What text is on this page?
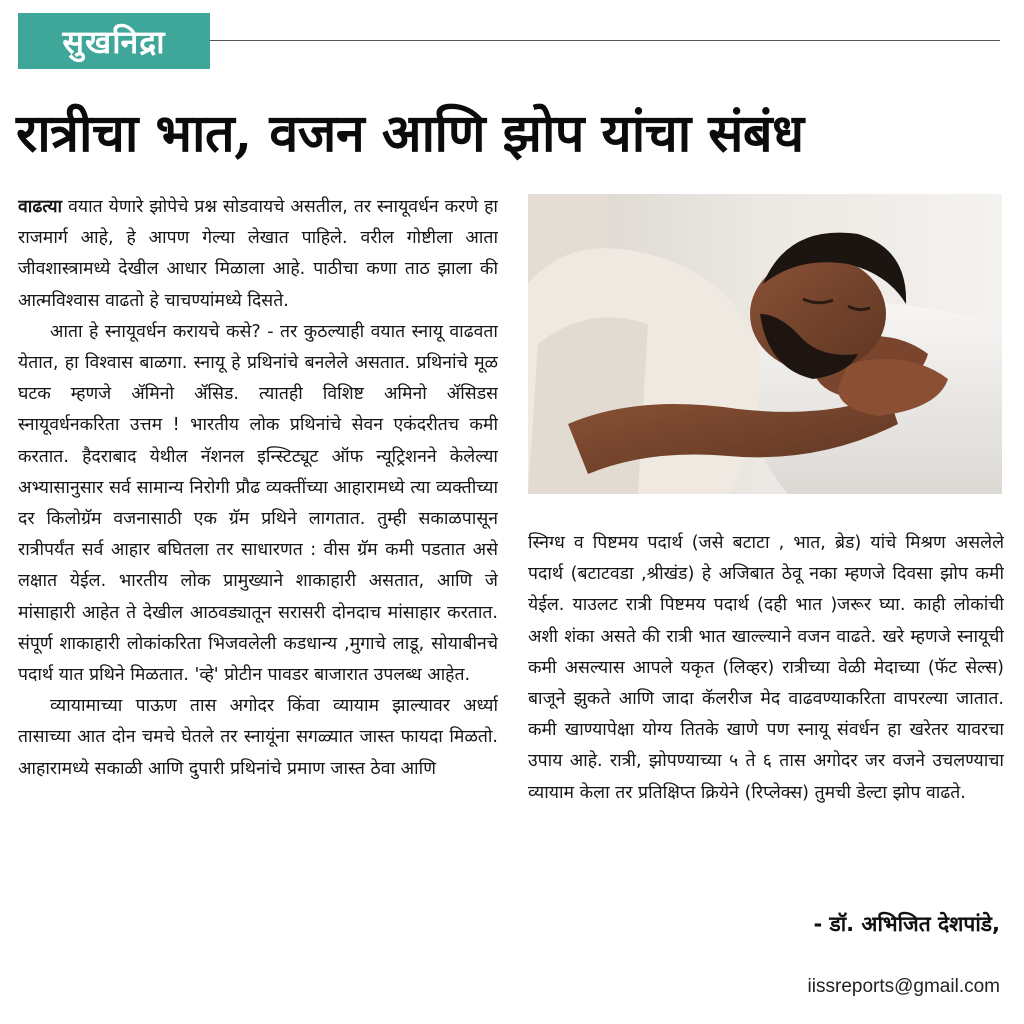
सुखनिद्रा
रात्रीचा भात, वजन आणि झोप यांचा संबंध

वाढत्या वयात येणारे झोपेचे प्रश्न सोडवायचे असतील, तर स्नायूवर्धन करणे हा राजमार्ग आहे, हे आपण गेल्या लेखात पाहिले. वरील गोष्टीला आता जीवशास्त्रामध्ये देखील आधार मिळाला आहे. पाठीचा कणा ताठ झाला की आत्मविश्वास वाढतो हे चाचण्यांमध्ये दिसते.

आता हे स्नायूवर्धन करायचे कसे? - तर कुठल्याही वयात स्नायू वाढवता येतात, हा विश्वास बाळगा. स्नायू हे प्रथिनांचे बनलेले असतात. प्रथिनांचे मूळ घटक म्हणजे ॲमिनो ॲसिड. त्यातही विशिष्ट अमिनो ॲसिडस स्नायूवर्धनकरिता उत्तम ! भारतीय लोक प्रथिनांचे सेवन एकंदरीतच कमी करतात. हैदराबाद येथील नॅशनल इन्स्टिट्यूट ऑफ न्यूट्रिशनने केलेल्या अभ्यासानुसार सर्व सामान्य निरोगी प्रौढ व्यक्तींच्या आहारामध्ये त्या व्यक्तीच्या दर किलोग्रॅम वजनासाठी एक ग्रॅम प्रथिने लागतात. तुम्ही सकाळपासून रात्रीपर्यंत सर्व आहार बघितला तर साधारणत : वीस ग्रॅम कमी पडतात असे लक्षात येईल. भारतीय लोक प्रामुख्याने शाकाहारी असतात, आणि जे मांसाहारी आहेत ते देखील आठवड्यातून सरासरी दोनदाच मांसाहार करतात. संपूर्ण शाकाहारी लोकांकरिता भिजवलेली कडधान्य ,मुगाचे लाडू, सोयाबीनचे पदार्थ यात प्रथिने मिळतात. 'व्हे' प्रोटीन पावडर बाजारात उपलब्ध आहेत.

व्यायामाच्या पाऊण तास अगोदर किंवा व्यायाम झाल्यावर अर्ध्या तासाच्या आत दोन चमचे घेतले तर स्नायूंना सगळ्यात जास्त फायदा मिळतो. आहारामध्ये सकाळी आणि दुपारी प्रथिनांचे प्रमाण जास्त ठेवा आणि

स्निग्ध व पिष्टमय पदार्थ (जसे बटाटा , भात, ब्रेड) यांचे मिश्रण असलेले पदार्थ (बटाटवडा ,श्रीखंड) हे अजिबात ठेवू नका म्हणजे दिवसा झोप कमी येईल. याउलट रात्री पिष्टमय पदार्थ (दही भात )जरूर घ्या. काही लोकांची अशी शंका असते की रात्री भात खाल्ल्याने वजन वाढते. खरे म्हणजे स्नायूची कमी असल्यास आपले यकृत (लिव्हर) रात्रीच्या वेळी मेदाच्या (फॅट सेल्स) बाजूने झुकते आणि जादा कॅलरीज मेद वाढवण्याकरिता वापरल्या जातात. कमी खाण्यापेक्षा योग्य तितके खाणे पण स्नायू संवर्धन हा खरेतर यावरचा उपाय आहे. रात्री, झोपण्याच्या ५ ते ६ तास अगोदर जर वजने उचलण्याचा व्यायाम केला तर प्रतिक्षिप्त क्रियेने (रिप्लेक्स) तुमची डेल्टा झोप वाढते.

- डॉ. अभिजित देशपांडे,
iissreports@gmail.com
